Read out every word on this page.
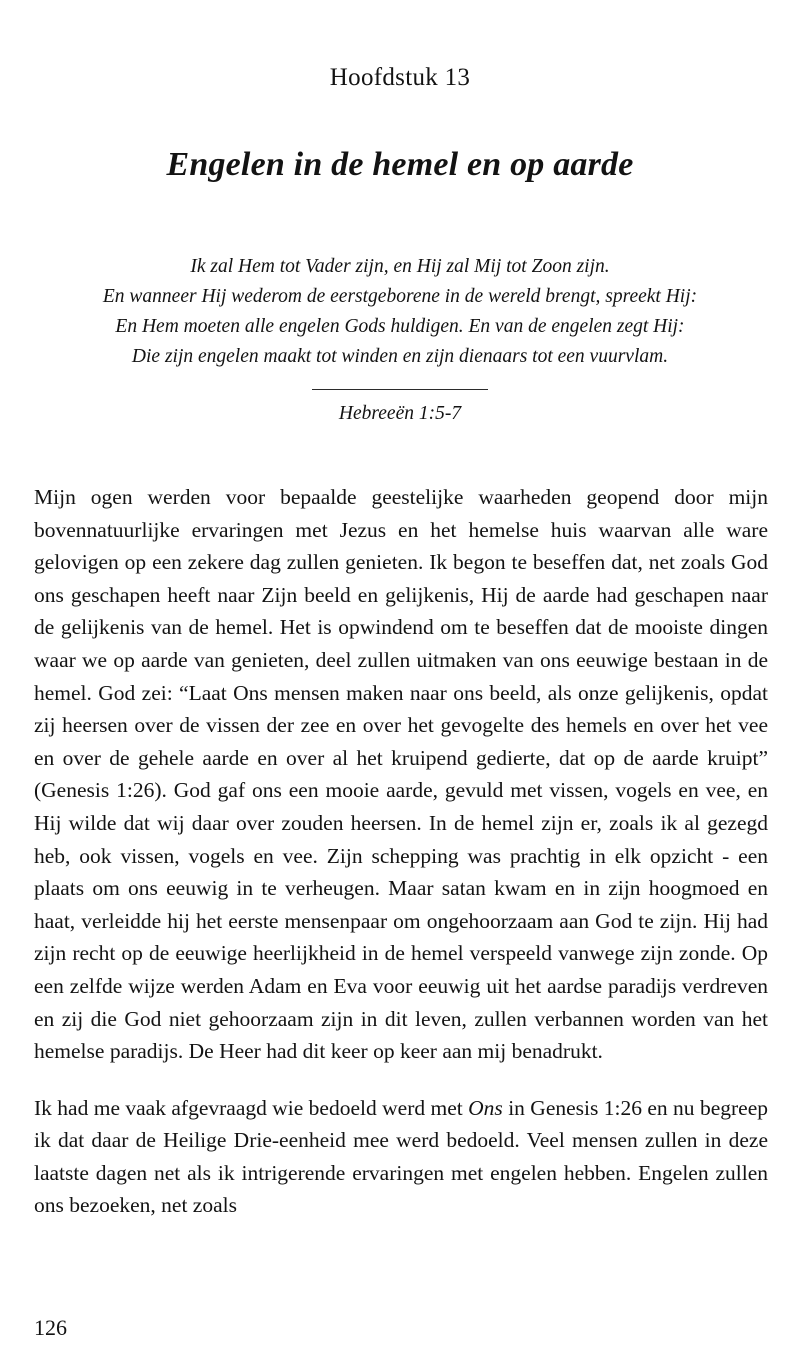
Hoofdstuk 13
Engelen in de hemel en op aarde
Ik zal Hem tot Vader zijn, en Hij zal Mij tot Zoon zijn.
En wanneer Hij wederom de eerstgeborene in de wereld brengt, spreekt Hij:
En Hem moeten alle engelen Gods huldigen. En van de engelen zegt Hij:
Die zijn engelen maakt tot winden en zijn dienaars tot een vuurvlam.
Hebreeën 1:5-7

Mijn ogen werden voor bepaalde geestelijke waarheden geopend door mijn bovennatuurlijke ervaringen met Jezus en het hemelse huis waarvan alle ware gelovigen op een zekere dag zullen genieten. Ik begon te beseffen dat, net zoals God ons geschapen heeft naar Zijn beeld en gelijkenis, Hij de aarde had geschapen naar de gelijkenis van de hemel. Het is opwindend om te beseffen dat de mooiste dingen waar we op aarde van genieten, deel zullen uitmaken van ons eeuwige bestaan in de hemel. God zei: “Laat Ons mensen maken naar ons beeld, als onze gelijkenis, opdat zij heersen over de vissen der zee en over het gevogelte des hemels en over het vee en over de gehele aarde en over al het kruipend gedierte, dat op de aarde kruipt” (Genesis 1:26). God gaf ons een mooie aarde, gevuld met vissen, vogels en vee, en Hij wilde dat wij daar over zouden heersen. In de hemel zijn er, zoals ik al gezegd heb, ook vissen, vogels en vee. Zijn schepping was prachtig in elk opzicht - een plaats om ons eeuwig in te verheugen. Maar satan kwam en in zijn hoogmoed en haat, verleidde hij het eerste mensenpaar om ongehoorzaam aan God te zijn. Hij had zijn recht op de eeuwige heerlijkheid in de hemel verspeeld vanwege zijn zonde. Op een zelfde wijze werden Adam en Eva voor eeuwig uit het aardse paradijs verdreven en zij die God niet gehoorzaam zijn in dit leven, zullen verbannen worden van het hemelse paradijs. De Heer had dit keer op keer aan mij benadrukt.

Ik had me vaak afgevraagd wie bedoeld werd met Ons in Genesis 1:26 en nu begreep ik dat daar de Heilige Drie-eenheid mee werd bedoeld. Veel mensen zullen in deze laatste dagen net als ik intrigerende ervaringen met engelen hebben. Engelen zullen ons bezoeken, net zoals

126
